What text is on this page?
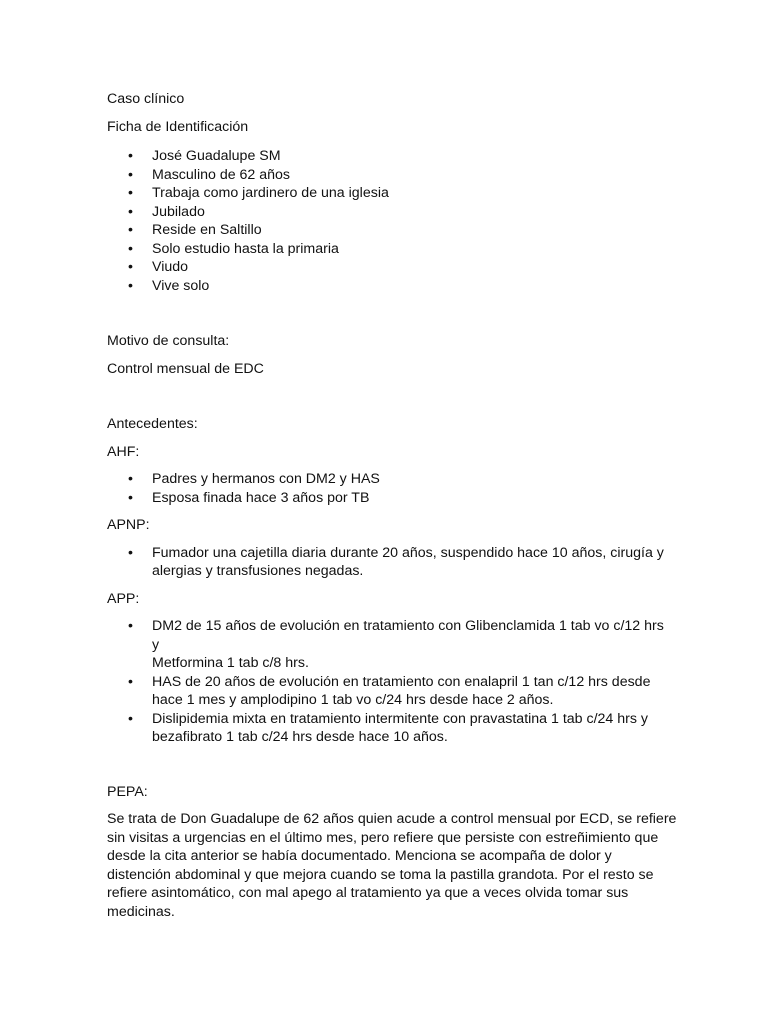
Caso clínico

Ficha de Identificación

• José Guadalupe SM
• Masculino de 62 años
• Trabaja como jardinero de una iglesia
• Jubilado
• Reside en Saltillo
• Solo estudio hasta la primaria
• Viudo
• Vive solo

Motivo de consulta:

Control mensual de EDC

Antecedentes:

AHF:

• Padres y hermanos con DM2 y HAS
• Esposa finada hace 3 años por TB

APNP:

• Fumador una cajetilla diaria durante 20 años, suspendido hace 10 años, cirugía y
alergias y transfusiones negadas.

APP:

• DM2 de 15 años de evolución en tratamiento con Glibenclamida 1 tab vo c/12 hrs y
Metformina 1 tab c/8 hrs.
• HAS de 20 años de evolución en tratamiento con enalapril 1 tan c/12 hrs desde
hace 1 mes y amplodipino 1 tab vo c/24 hrs desde hace 2 años.
• Dislipidemia mixta en tratamiento intermitente con pravastatina 1 tab c/24 hrs y
bezafibrato 1 tab c/24 hrs desde hace 10 años.

PEPA:

Se trata de Don Guadalupe de 62 años quien acude a control mensual por ECD, se refiere
sin visitas a urgencias en el último mes, pero refiere que persiste con estreñimiento que
desde la cita anterior se había documentado. Menciona se acompaña de dolor y
distención abdominal y que mejora cuando se toma la pastilla grandota. Por el resto se
refiere asintomático, con mal apego al tratamiento ya que a veces olvida tomar sus
medicinas.
